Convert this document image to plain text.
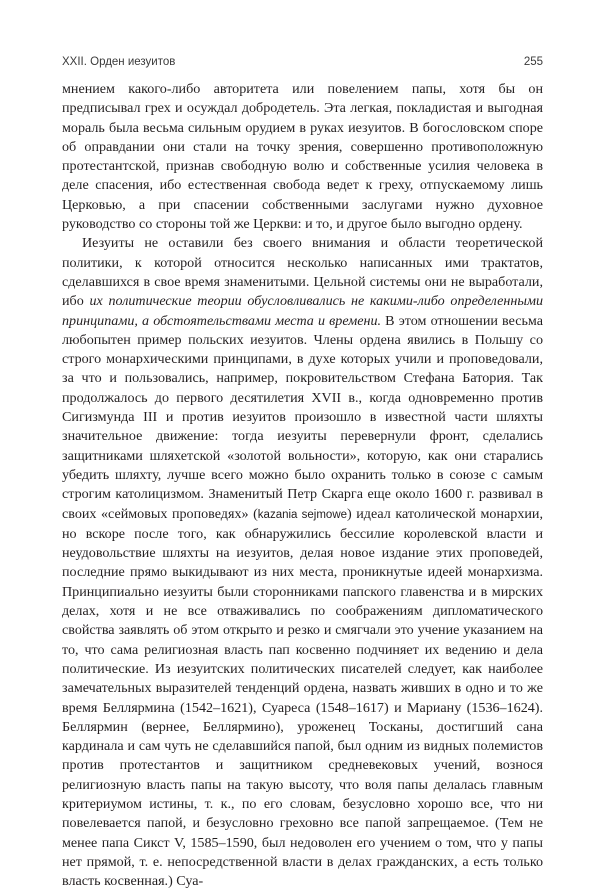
XXII. Орден иезуитов	255

мнением какого-либо авторитета или повелением папы, хотя бы он предписывал грех и осуждал добродетель. Эта легкая, покладистая и выгодная мораль была весьма сильным орудием в руках иезуитов. В богословском споре об оправдании они стали на точку зрения, совершенно противоположную протестантской, признав свободную волю и собственные усилия человека в деле спасения, ибо естественная свобода ведет к греху, отпускаемому лишь Церковью, а при спасении собственными заслугами нужно духовное руководство со стороны той же Церкви: и то, и другое было выгодно ордену.

Иезуиты не оставили без своего внимания и области теоретической политики, к которой относится несколько написанных ими трактатов, сделавшихся в свое время знаменитыми. Цельной системы они не выработали, ибо их политические теории обусловливались не какими-либо определенными принципами, а обстоятельствами места и времени. В этом отношении весьма любопытен пример польских иезуитов. Члены ордена явились в Польшу со строго монархическими принципами, в духе которых учили и проповедовали, за что и пользовались, например, покровительством Стефана Батория. Так продолжалось до первого десятилетия XVII в., когда одновременно против Сигизмунда III и против иезуитов произошло в известной части шляхты значительное движение: тогда иезуиты перевернули фронт, сделались защитниками шляхетской «золотой вольности», которую, как они старались убедить шляхту, лучше всего можно было охранить только в союзе с самым строгим католицизмом. Знаменитый Петр Скарга еще около 1600 г. развивал в своих «сеймовых проповедях» (kazania sejmowe) идеал католической монархии, но вскоре после того, как обнаружились бессилие королевской власти и неудовольствие шляхты на иезуитов, делая новое издание этих проповедей, последние прямо выкидывают из них места, проникнутые идеей монархизма. Принципиально иезуиты были сторонниками папского главенства и в мирских делах, хотя и не все отваживались по соображениям дипломатического свойства заявлять об этом открыто и резко и смягчали это учение указанием на то, что сама религиозная власть пап косвенно подчиняет их ведению и дела политические. Из иезуитских политических писателей следует, как наиболее замечательных выразителей тенденций ордена, назвать живших в одно и то же время Беллярмина (1542–1621), Суареса (1548–1617) и Мариану (1536–1624). Беллярмин (вернее, Беллярмино), уроженец Тосканы, достигший сана кардинала и сам чуть не сделавшийся папой, был одним из видных полемистов против протестантов и защитником средневековых учений, вознося религиозную власть папы на такую высоту, что воля папы делалась главным критериумом истины, т. к., по его словам, безусловно хорошо все, что ни повелевается папой, и безусловно греховно все папой запрещаемое. (Тем не менее папа Сикст V, 1585–1590, был недоволен его учением о том, что у папы нет прямой, т. е. непосредственной власти в делах гражданских, а есть только власть косвенная.) Суа-
